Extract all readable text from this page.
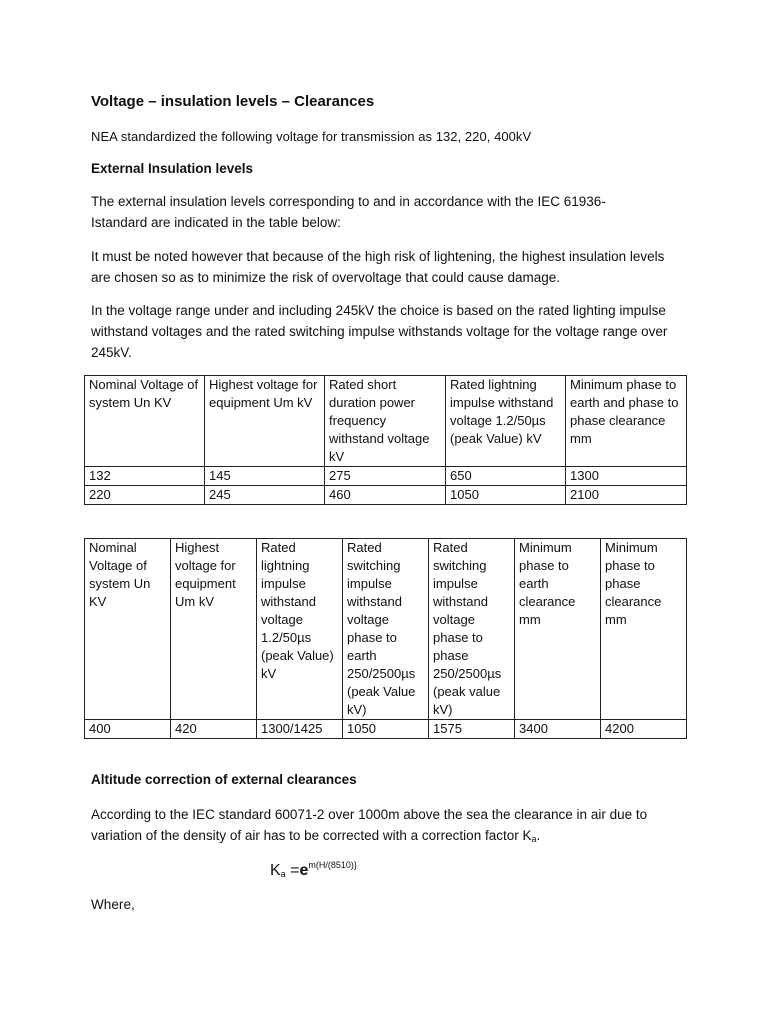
Voltage – insulation levels – Clearances
NEA standardized the following voltage for transmission as 132, 220, 400kV
External Insulation levels
The external insulation levels corresponding to and in accordance with the IEC 61936-Istandard are indicated in the table below:
It must be noted however that because of the high risk of lightening, the highest insulation levels are chosen so as to minimize the risk of overvoltage that could cause damage.
In the voltage range under and including 245kV the choice is based on the rated lighting impulse withstand voltages and the rated switching impulse withstands voltage for the voltage range over 245kV.
Nominal Voltage of system Un KV	Highest voltage for equipment Um kV	Rated short duration power frequency withstand voltage kV	Rated lightning impulse withstand voltage 1.2/50µs (peak Value) kV	Minimum phase to earth and phase to phase clearance mm
132	145	275	650	1300
220	245	460	1050	2100
Nominal Voltage of system Un KV	Highest voltage for equipment Um kV	Rated lightning impulse withstand voltage 1.2/50µs (peak Value) kV	Rated switching impulse withstand voltage phase to earth 250/2500µs (peak Value kV)	Rated switching impulse withstand voltage phase to phase 250/2500µs (peak value kV)	Minimum phase to earth clearance mm	Minimum phase to phase clearance mm
400	420	1300/1425	1050	1575	3400	4200
Altitude correction of external clearances
According to the IEC standard 60071-2 over 1000m above the sea the clearance in air due to variation of the density of air has to be corrected with a correction factor Ka.
$K_a =e^{m(H/(8510)\}}$
Where,
